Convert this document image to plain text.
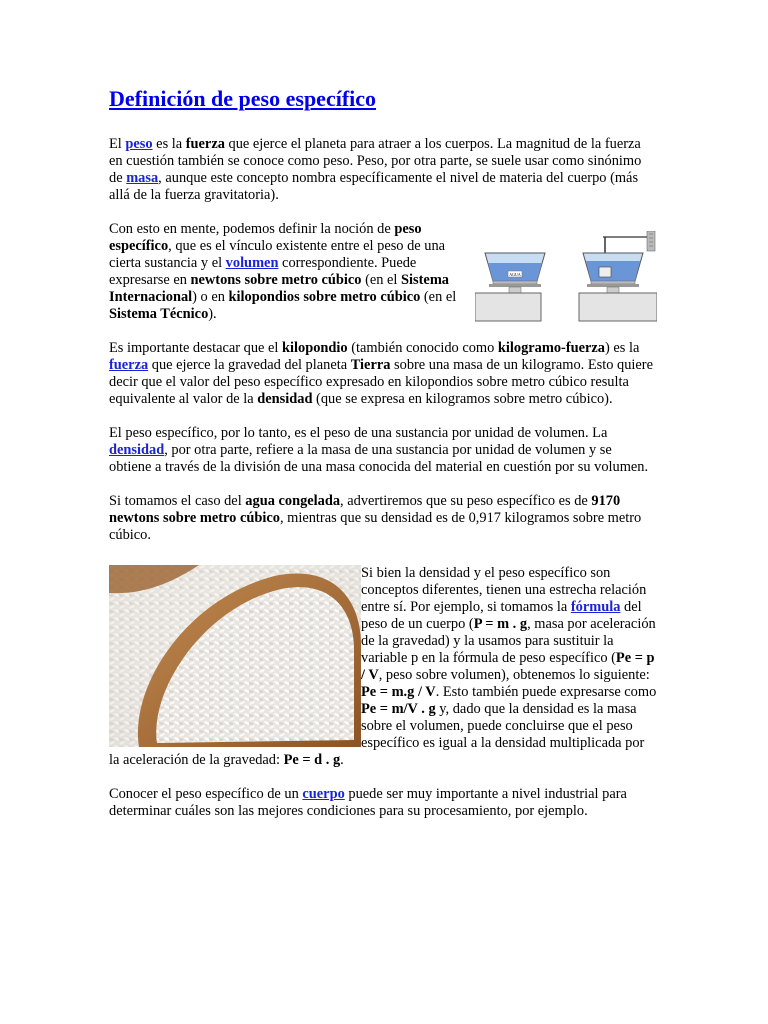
Definición de peso específico

El peso es la fuerza que ejerce el planeta para atraer a los cuerpos. La magnitud de la fuerza en cuestión también se conoce como peso. Peso, por otra parte, se suele usar como sinónimo de masa, aunque este concepto nombra específicamente el nivel de materia del cuerpo (más allá de la fuerza gravitatoria).

AGUA

Con esto en mente, podemos definir la noción de peso específico, que es el vínculo existente entre el peso de una cierta sustancia y el volumen correspondiente. Puede expresarse en newtons sobre metro cúbico (en el Sistema Internacional) o en kilopondios sobre metro cúbico (en el Sistema Técnico).

Es importante destacar que el kilopondio (también conocido como kilogramo-fuerza) es la fuerza que ejerce la gravedad del planeta Tierra sobre una masa de un kilogramo. Esto quiere decir que el valor del peso específico expresado en kilopondios sobre metro cúbico resulta equivalente al valor de la densidad (que se expresa en kilogramos sobre metro cúbico).

El peso específico, por lo tanto, es el peso de una sustancia por unidad de volumen. La densidad, por otra parte, refiere a la masa de una sustancia por unidad de volumen y se obtiene a través de la división de una masa conocida del material en cuestión por su volumen.

Si tomamos el caso del agua congelada, advertiremos que su peso específico es de 9170 newtons sobre metro cúbico, mientras que su densidad es de 0,917 kilogramos sobre metro cúbico.

Si bien la densidad y el peso específico son conceptos diferentes, tienen una estrecha relación entre sí. Por ejemplo, si tomamos la fórmula del peso de un cuerpo (P = m . g, masa por aceleración de la gravedad) y la usamos para sustituir la variable p en la fórmula de peso específico (Pe = p / V, peso sobre volumen), obtenemos lo siguiente: Pe = m.g / V. Esto también puede expresarse como Pe = m/V . g y, dado que la densidad es la masa sobre el volumen, puede concluirse que el peso específico es igual a la densidad multiplicada por la aceleración de la gravedad: Pe = d . g.

Conocer el peso específico de un cuerpo puede ser muy importante a nivel industrial para determinar cuáles son las mejores condiciones para su procesamiento, por ejemplo.
